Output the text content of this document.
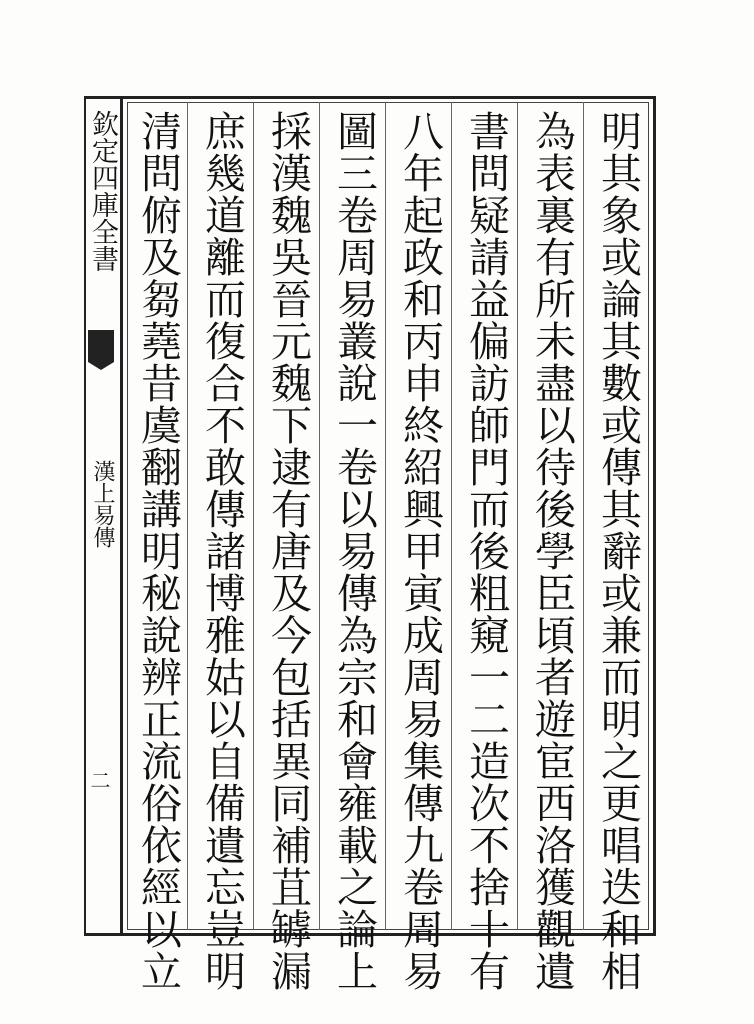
欽定四庫全書
漢上易傳
二	明其象或論其數或傳其辭或兼而明之更唱迭和相
為表裏有所未盡以待後學臣頃者遊宦西洛獲觀遺
書問疑請益偏訪師門而後粗窺一二造次不捨十有
八年起政和丙申終紹興甲寅成周易集傳九卷周易
圖三卷周易叢說一卷以易傳為宗和會雍載之論上
採漢魏吳晉元魏下逮有唐及今包括異同補苴罅漏
庶幾道離而復合不敢傳諸博雅姑以自備遺忘豈明
清問俯及芻蕘昔虞翻講明秘說辨正流俗依經以立
